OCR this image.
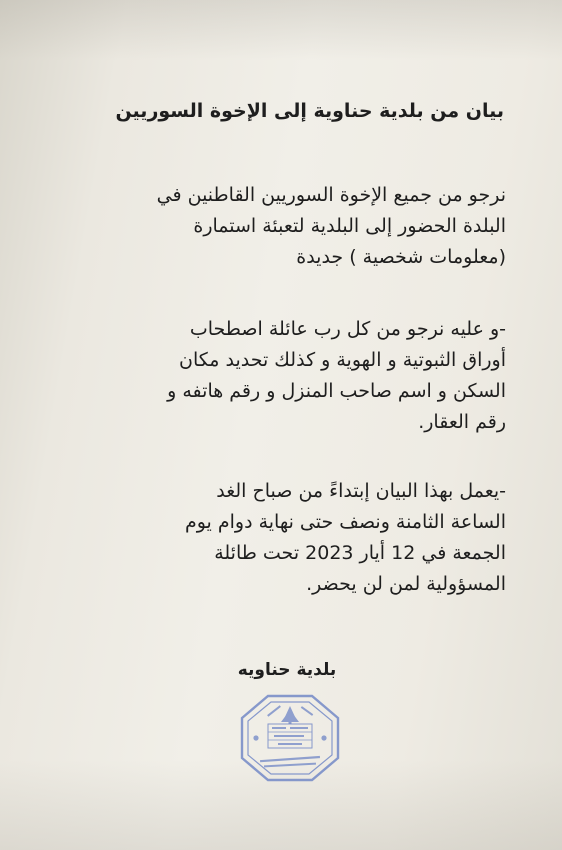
بيان من بلدية حناوية إلى الإخوة السوريين
نرجو من جميع الإخوة السوريين القاطنين في
البلدة الحضور إلى البلدية لتعبئة استمارة
(معلومات شخصية ) جديدة
-و عليه نرجو من كل رب عائلة اصطحاب
أوراق الثبوتية و الهوية و كذلك تحديد مكان
السكن و اسم صاحب المنزل و رقم هاتفه و
رقم العقار.
-يعمل بهذا البيان إبتداءً من صباح الغد
الساعة الثامنة ونصف حتى نهاية دوام يوم
الجمعة في 12 أيار 2023 تحت طائلة
المسؤولية لمن لن يحضر.
بلدية حناويه
